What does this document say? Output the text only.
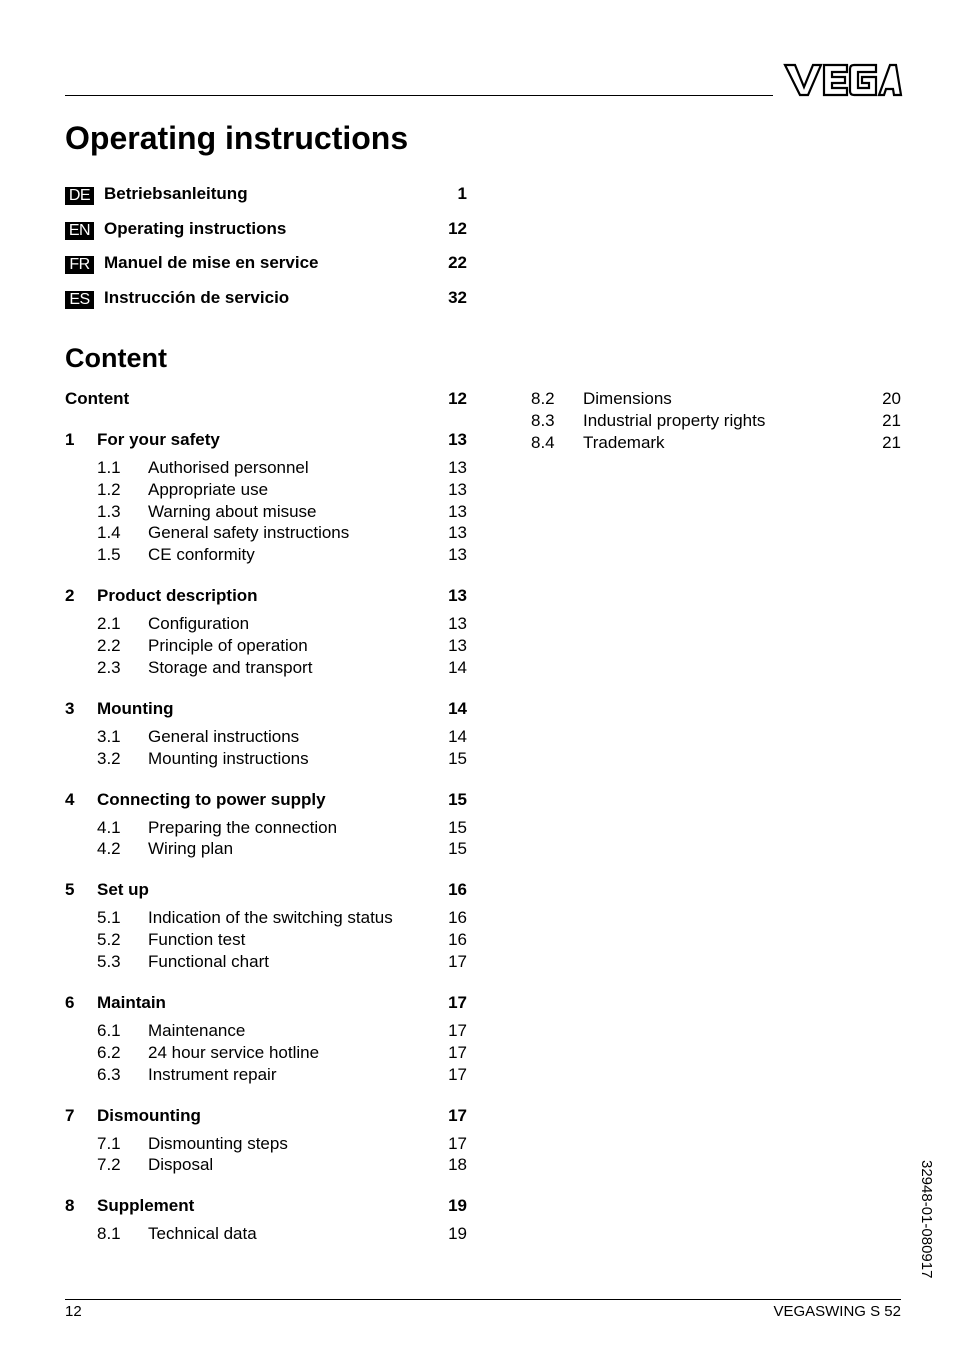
Operating instructions
DE Betriebsanleitung	1
EN Operating instructions	12
FR Manuel de mise en service	22
ES Instrucción de servicio	32
Content
Content	12
1 For your safety	13
1.1 Authorised personnel	13
1.2 Appropriate use	13
1.3 Warning about misuse	13
1.4 General safety instructions	13
1.5 CE conformity	13
2 Product description	13
2.1 Configuration	13
2.2 Principle of operation	13
2.3 Storage and transport	14
3 Mounting	14
3.1 General instructions	14
3.2 Mounting instructions	15
4 Connecting to power supply	15
4.1 Preparing the connection	15
4.2 Wiring plan	15
5 Set up	16
5.1 Indication of the switching status	16
5.2 Function test	16
5.3 Functional chart	17
6 Maintain	17
6.1 Maintenance	17
6.2 24 hour service hotline	17
6.3 Instrument repair	17
7 Dismounting	17
7.1 Dismounting steps	17
7.2 Disposal	18
8 Supplement	19
8.1 Technical data	19
8.2 Dimensions	20
8.3 Industrial property rights	21
8.4 Trademark	21
32948-01-080917
12	VEGASWING S 52
